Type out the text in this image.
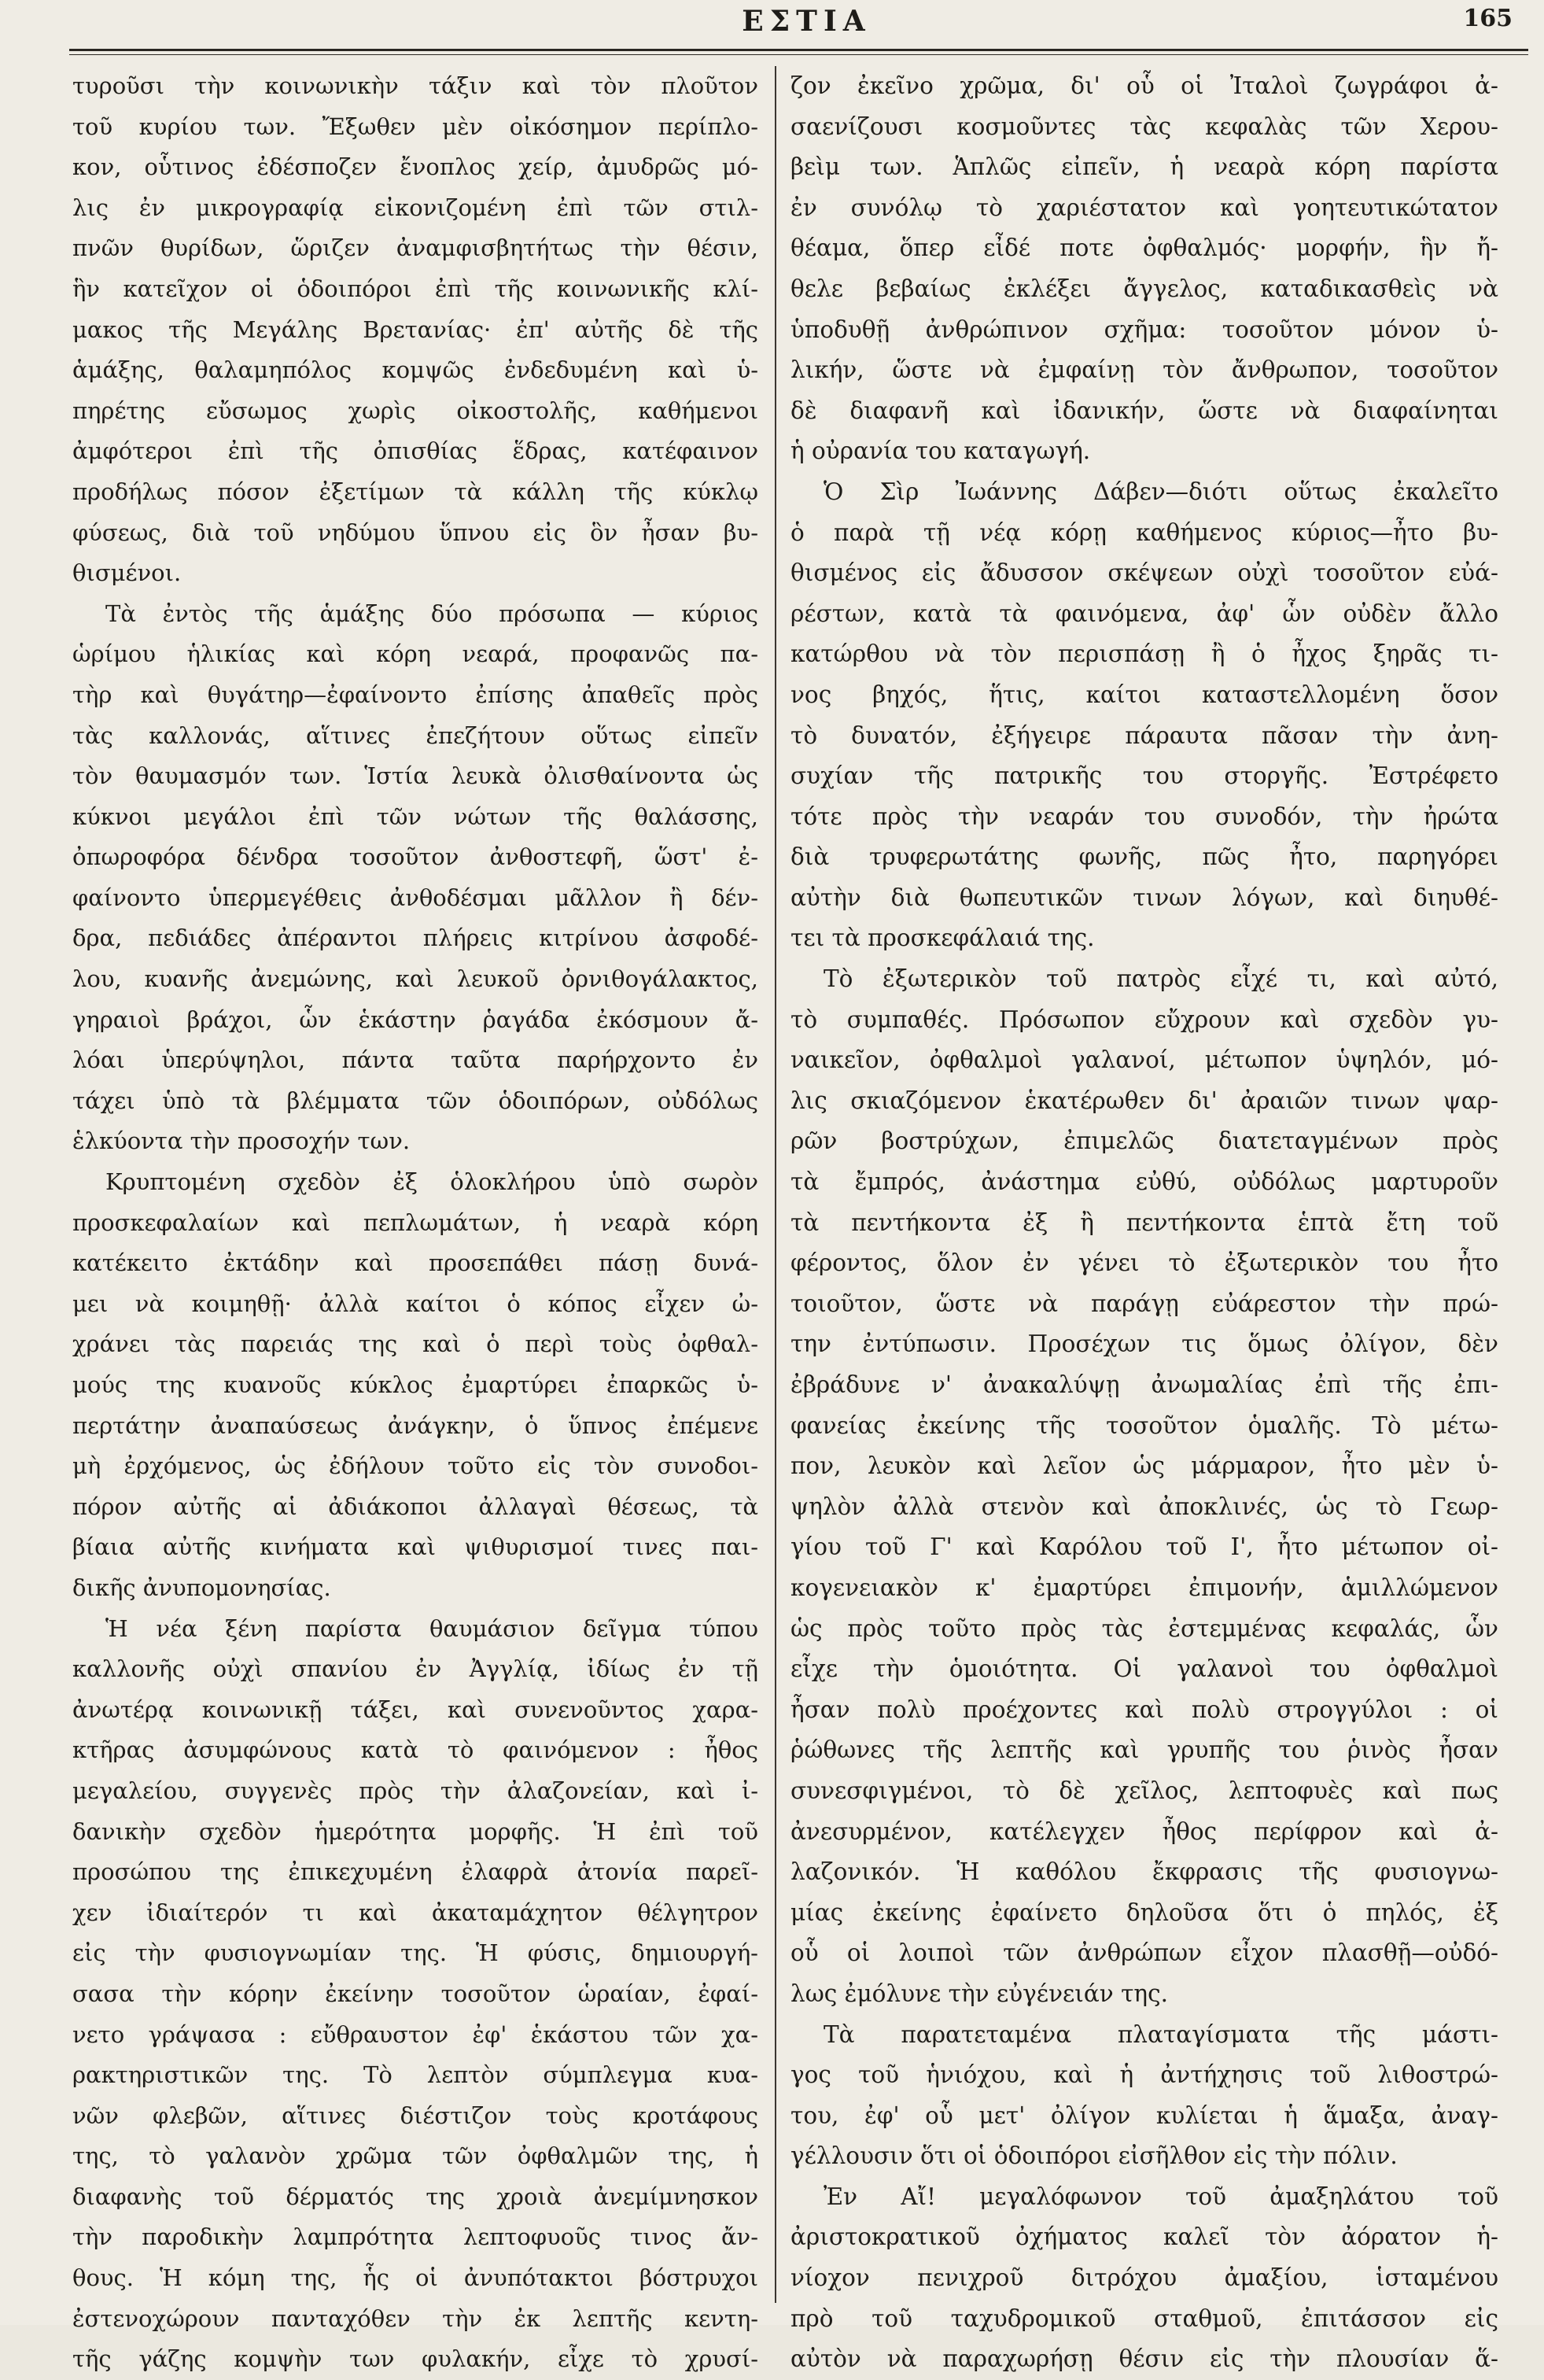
ΕΣΤΙΑ	165
τυροῦσι τὴν κοινωνικὴν τάξιν καὶ τὸν πλοῦτον
τοῦ κυρίου των. Ἔξωθεν μὲν οἰκόσημον περίπλο-
κον, οὗτινος ἐδέσποζεν ἔνοπλος χείρ, ἀμυδρῶς μό-
λις ἐν μικρογραφίᾳ εἰκονιζομένη ἐπὶ τῶν στιλ-
πνῶν θυρίδων, ὥριζεν ἀναμφισβητήτως τὴν θέσιν,
ἣν κατεῖχον οἱ ὁδοιπόροι ἐπὶ τῆς κοινωνικῆς κλί-
μακος τῆς Μεγάλης Βρετανίας· ἐπ' αὐτῆς δὲ τῆς
ἁμάξης, θαλαμηπόλος κομψῶς ἐνδεδυμένη καὶ ὑ-
πηρέτης εὔσωμος χωρὶς οἰκοστολῆς, καθήμενοι
ἀμφότεροι ἐπὶ τῆς ὀπισθίας ἕδρας, κατέφαινον
προδήλως πόσον ἐξετίμων τὰ κάλλη τῆς κύκλῳ
φύσεως, διὰ τοῦ νηδύμου ὕπνου εἰς ὃν ἦσαν βυ-
θισμένοι.
Τὰ ἐντὸς τῆς ἁμάξης δύο πρόσωπα — κύριος
ὡρίμου ἡλικίας καὶ κόρη νεαρά, προφανῶς πα-
τὴρ καὶ θυγάτηρ—ἐφαίνοντο ἐπίσης ἀπαθεῖς πρὸς
τὰς καλλονάς, αἵτινες ἐπεζήτουν οὕτως εἰπεῖν
τὸν θαυμασμόν των. Ἱστία λευκὰ ὀλισθαίνοντα ὡς
κύκνοι μεγάλοι ἐπὶ τῶν νώτων τῆς θαλάσσης,
ὀπωροφόρα δένδρα τοσοῦτον ἀνθοστεφῆ, ὥστ' ἐ-
φαίνοντο ὑπερμεγέθεις ἀνθοδέσμαι μᾶλλον ἢ δέν-
δρα, πεδιάδες ἀπέραντοι πλήρεις κιτρίνου ἀσφοδέ-
λου, κυανῆς ἀνεμώνης, καὶ λευκοῦ ὀρνιθογάλακτος,
γηραιοὶ βράχοι, ὧν ἑκάστην ῥαγάδα ἐκόσμουν ἄ-
λόαι ὑπερύψηλοι, πάντα ταῦτα παρήρχοντο ἐν
τάχει ὑπὸ τὰ βλέμματα τῶν ὁδοιπόρων, οὐδόλως
ἑλκύοντα τὴν προσοχήν των.
Κρυπτομένη σχεδὸν ἐξ ὁλοκλήρου ὑπὸ σωρὸν
προσκεφαλαίων καὶ πεπλωμάτων, ἡ νεαρὰ κόρη
κατέκειτο ἐκτάδην καὶ προσεπάθει πάσῃ δυνά-
μει νὰ κοιμηθῇ· ἀλλὰ καίτοι ὁ κόπος εἶχεν ὠ-
χράνει τὰς παρειάς της καὶ ὁ περὶ τοὺς ὀφθαλ-
μούς της κυανοῦς κύκλος ἐμαρτύρει ἐπαρκῶς ὑ-
περτάτην ἀναπαύσεως ἀνάγκην, ὁ ὕπνος ἐπέμενε
μὴ ἐρχόμενος, ὡς ἐδήλουν τοῦτο εἰς τὸν συνοδοι-
πόρον αὐτῆς αἱ ἀδιάκοποι ἀλλαγαὶ θέσεως, τὰ
βίαια αὐτῆς κινήματα καὶ ψιθυρισμοί τινες παι-
δικῆς ἀνυπομονησίας.
Ἡ νέα ξένη παρίστα θαυμάσιον δεῖγμα τύπου
καλλονῆς οὐχὶ σπανίου ἐν Ἀγγλίᾳ, ἰδίως ἐν τῇ
ἀνωτέρᾳ κοινωνικῇ τάξει, καὶ συνενοῦντος χαρα-
κτῆρας ἀσυμφώνους κατὰ τὸ φαινόμενον : ἦθος
μεγαλείου, συγγενὲς πρὸς τὴν ἀλαζονείαν, καὶ ἰ-
δανικὴν σχεδὸν ἡμερότητα μορφῆς. Ἡ ἐπὶ τοῦ
προσώπου της ἐπικεχυμένη ἐλαφρὰ ἀτονία παρεῖ-
χεν ἰδιαίτερόν τι καὶ ἀκαταμάχητον θέλγητρον
εἰς τὴν φυσιογνωμίαν της. Ἡ φύσις, δημιουργή-
σασα τὴν κόρην ἐκείνην τοσοῦτον ὡραίαν, ἐφαί-
νετο γράψασα : εὔθραυστον ἐφ' ἑκάστου τῶν χα-
ρακτηριστικῶν της. Τὸ λεπτὸν σύμπλεγμα κυα-
νῶν φλεβῶν, αἵτινες διέστιζον τοὺς κροτάφους
της, τὸ γαλανὸν χρῶμα τῶν ὀφθαλμῶν της, ἡ
διαφανὴς τοῦ δέρματός της χροιὰ ἀνεμίμνησκον
τὴν παροδικὴν λαμπρότητα λεπτοφυοῦς τινος ἄν-
θους. Ἡ κόμη της, ἧς οἱ ἀνυπότακτοι βόστρυχοι
ἐστενοχώρουν πανταχόθεν τὴν ἐκ λεπτῆς κεντη-
τῆς γάζης κομψὴν των φυλακήν, εἶχε τὸ χρυσί-
ζον ἐκεῖνο χρῶμα, δι' οὗ οἱ Ἰταλοὶ ζωγράφοι ἀ-
σαενίζουσι κοσμοῦντες τὰς κεφαλὰς τῶν Χερου-
βεὶμ των. Ἁπλῶς εἰπεῖν, ἡ νεαρὰ κόρη παρίστα
ἐν συνόλῳ τὸ χαριέστατον καὶ γοητευτικώτατον
θέαμα, ὅπερ εἶδέ ποτε ὀφθαλμός· μορφήν, ἣν ἤ-
θελε βεβαίως ἐκλέξει ἄγγελος, καταδικασθεὶς νὰ
ὑποδυθῇ ἀνθρώπινον σχῆμα: τοσοῦτον μόνον ὑ-
λικήν, ὥστε νὰ ἐμφαίνῃ τὸν ἄνθρωπον, τοσοῦτον
δὲ διαφανῆ καὶ ἰδανικήν, ὥστε νὰ διαφαίνηται
ἡ οὐρανία του καταγωγή.
Ὁ Σὶρ Ἰωάννης Δάβεν—διότι οὕτως ἐκαλεῖτο
ὁ παρὰ τῇ νέᾳ κόρῃ καθήμενος κύριος—ἦτο βυ-
θισμένος εἰς ἄδυσσον σκέψεων οὐχὶ τοσοῦτον εὐά-
ρέστων, κατὰ τὰ φαινόμενα, ἀφ' ὧν οὐδὲν ἄλλο
κατώρθου νὰ τὸν περισπάσῃ ἢ ὁ ἦχος ξηρᾶς τι-
νος βηχός, ἥτις, καίτοι καταστελλομένη ὅσον
τὸ δυνατόν, ἐξήγειρε πάραυτα πᾶσαν τὴν ἀνη-
συχίαν τῆς πατρικῆς του στοργῆς. Ἐστρέφετο
τότε πρὸς τὴν νεαράν του συνοδόν, τὴν ἠρώτα
διὰ τρυφερωτάτης φωνῆς, πῶς ἦτο, παρηγόρει
αὐτὴν διὰ θωπευτικῶν τινων λόγων, καὶ διηυθέ-
τει τὰ προσκεφάλαιά της.
Τὸ ἐξωτερικὸν τοῦ πατρὸς εἶχέ τι, καὶ αὐτό,
τὸ συμπαθές. Πρόσωπον εὔχρουν καὶ σχεδὸν γυ-
ναικεῖον, ὀφθαλμοὶ γαλανοί, μέτωπον ὑψηλόν, μό-
λις σκιαζόμενον ἑκατέρωθεν δι' ἀραιῶν τινων ψαρ-
ρῶν βοστρύχων, ἐπιμελῶς διατεταγμένων πρὸς
τὰ ἔμπρός, ἀνάστημα εὐθύ, οὐδόλως μαρτυροῦν
τὰ πεντήκοντα ἐξ ἢ πεντήκοντα ἑπτὰ ἔτη τοῦ
φέροντος, ὅλον ἐν γένει τὸ ἐξωτερικὸν του ἦτο
τοιοῦτον, ὥστε νὰ παράγῃ εὐάρεστον τὴν πρώ-
την ἐντύπωσιν. Προσέχων τις ὅμως ὀλίγον, δὲν
ἐβράδυνε ν' ἀνακαλύψῃ ἀνωμαλίας ἐπὶ τῆς ἐπι-
φανείας ἐκείνης τῆς τοσοῦτον ὁμαλῆς. Τὸ μέτω-
πον, λευκὸν καὶ λεῖον ὡς μάρμαρον, ἦτο μὲν ὑ-
ψηλὸν ἀλλὰ στενὸν καὶ ἀποκλινές, ὡς τὸ Γεωρ-
γίου τοῦ Γ' καὶ Καρόλου τοῦ Ι', ἦτο μέτωπον οἰ-
κογενειακὸν κ' ἐμαρτύρει ἐπιμονήν, ἁμιλλώμενον
ὡς πρὸς τοῦτο πρὸς τὰς ἐστεμμένας κεφαλάς, ὧν
εἶχε τὴν ὁμοιότητα. Οἱ γαλανοὶ του ὀφθαλμοὶ
ἦσαν πολὺ προέχοντες καὶ πολὺ στρογγύλοι : οἱ
ῥώθωνες τῆς λεπτῆς καὶ γρυπῆς του ῥινὸς ἦσαν
συνεσφιγμένοι, τὸ δὲ χεῖλος, λεπτοφυὲς καὶ πως
ἀνεσυρμένον, κατέλεγχεν ἦθος περίφρον καὶ ἀ-
λαζονικόν. Ἡ καθόλου ἔκφρασις τῆς φυσιογνω-
μίας ἐκείνης ἐφαίνετο δηλοῦσα ὅτι ὁ πηλός, ἐξ
οὗ οἱ λοιποὶ τῶν ἀνθρώπων εἶχον πλασθῇ—οὐδό-
λως ἐμόλυνε τὴν εὐγένειάν της.
Τὰ παρατεταμένα πλαταγίσματα τῆς μάστι-
γος τοῦ ἡνιόχου, καὶ ἡ ἀντήχησις τοῦ λιθοστρώ-
του, ἐφ' οὗ μετ' ὀλίγον κυλίεται ἡ ἅμαξα, ἀναγ-
γέλλουσιν ὅτι οἱ ὁδοιπόροι εἰσῆλθον εἰς τὴν πόλιν.
Ἐν Αἴ! μεγαλόφωνον τοῦ ἀμαξηλάτου τοῦ
ἀριστοκρατικοῦ ὀχήματος καλεῖ τὸν ἀόρατον ἡ-
νίοχον πενιχροῦ διτρόχου ἀμαξίου, ἱσταμένου
πρὸ τοῦ ταχυδρομικοῦ σταθμοῦ, ἐπιτάσσον εἰς
αὐτὸν νὰ παραχωρήσῃ θέσιν εἰς τὴν πλουσίαν ἅ-
